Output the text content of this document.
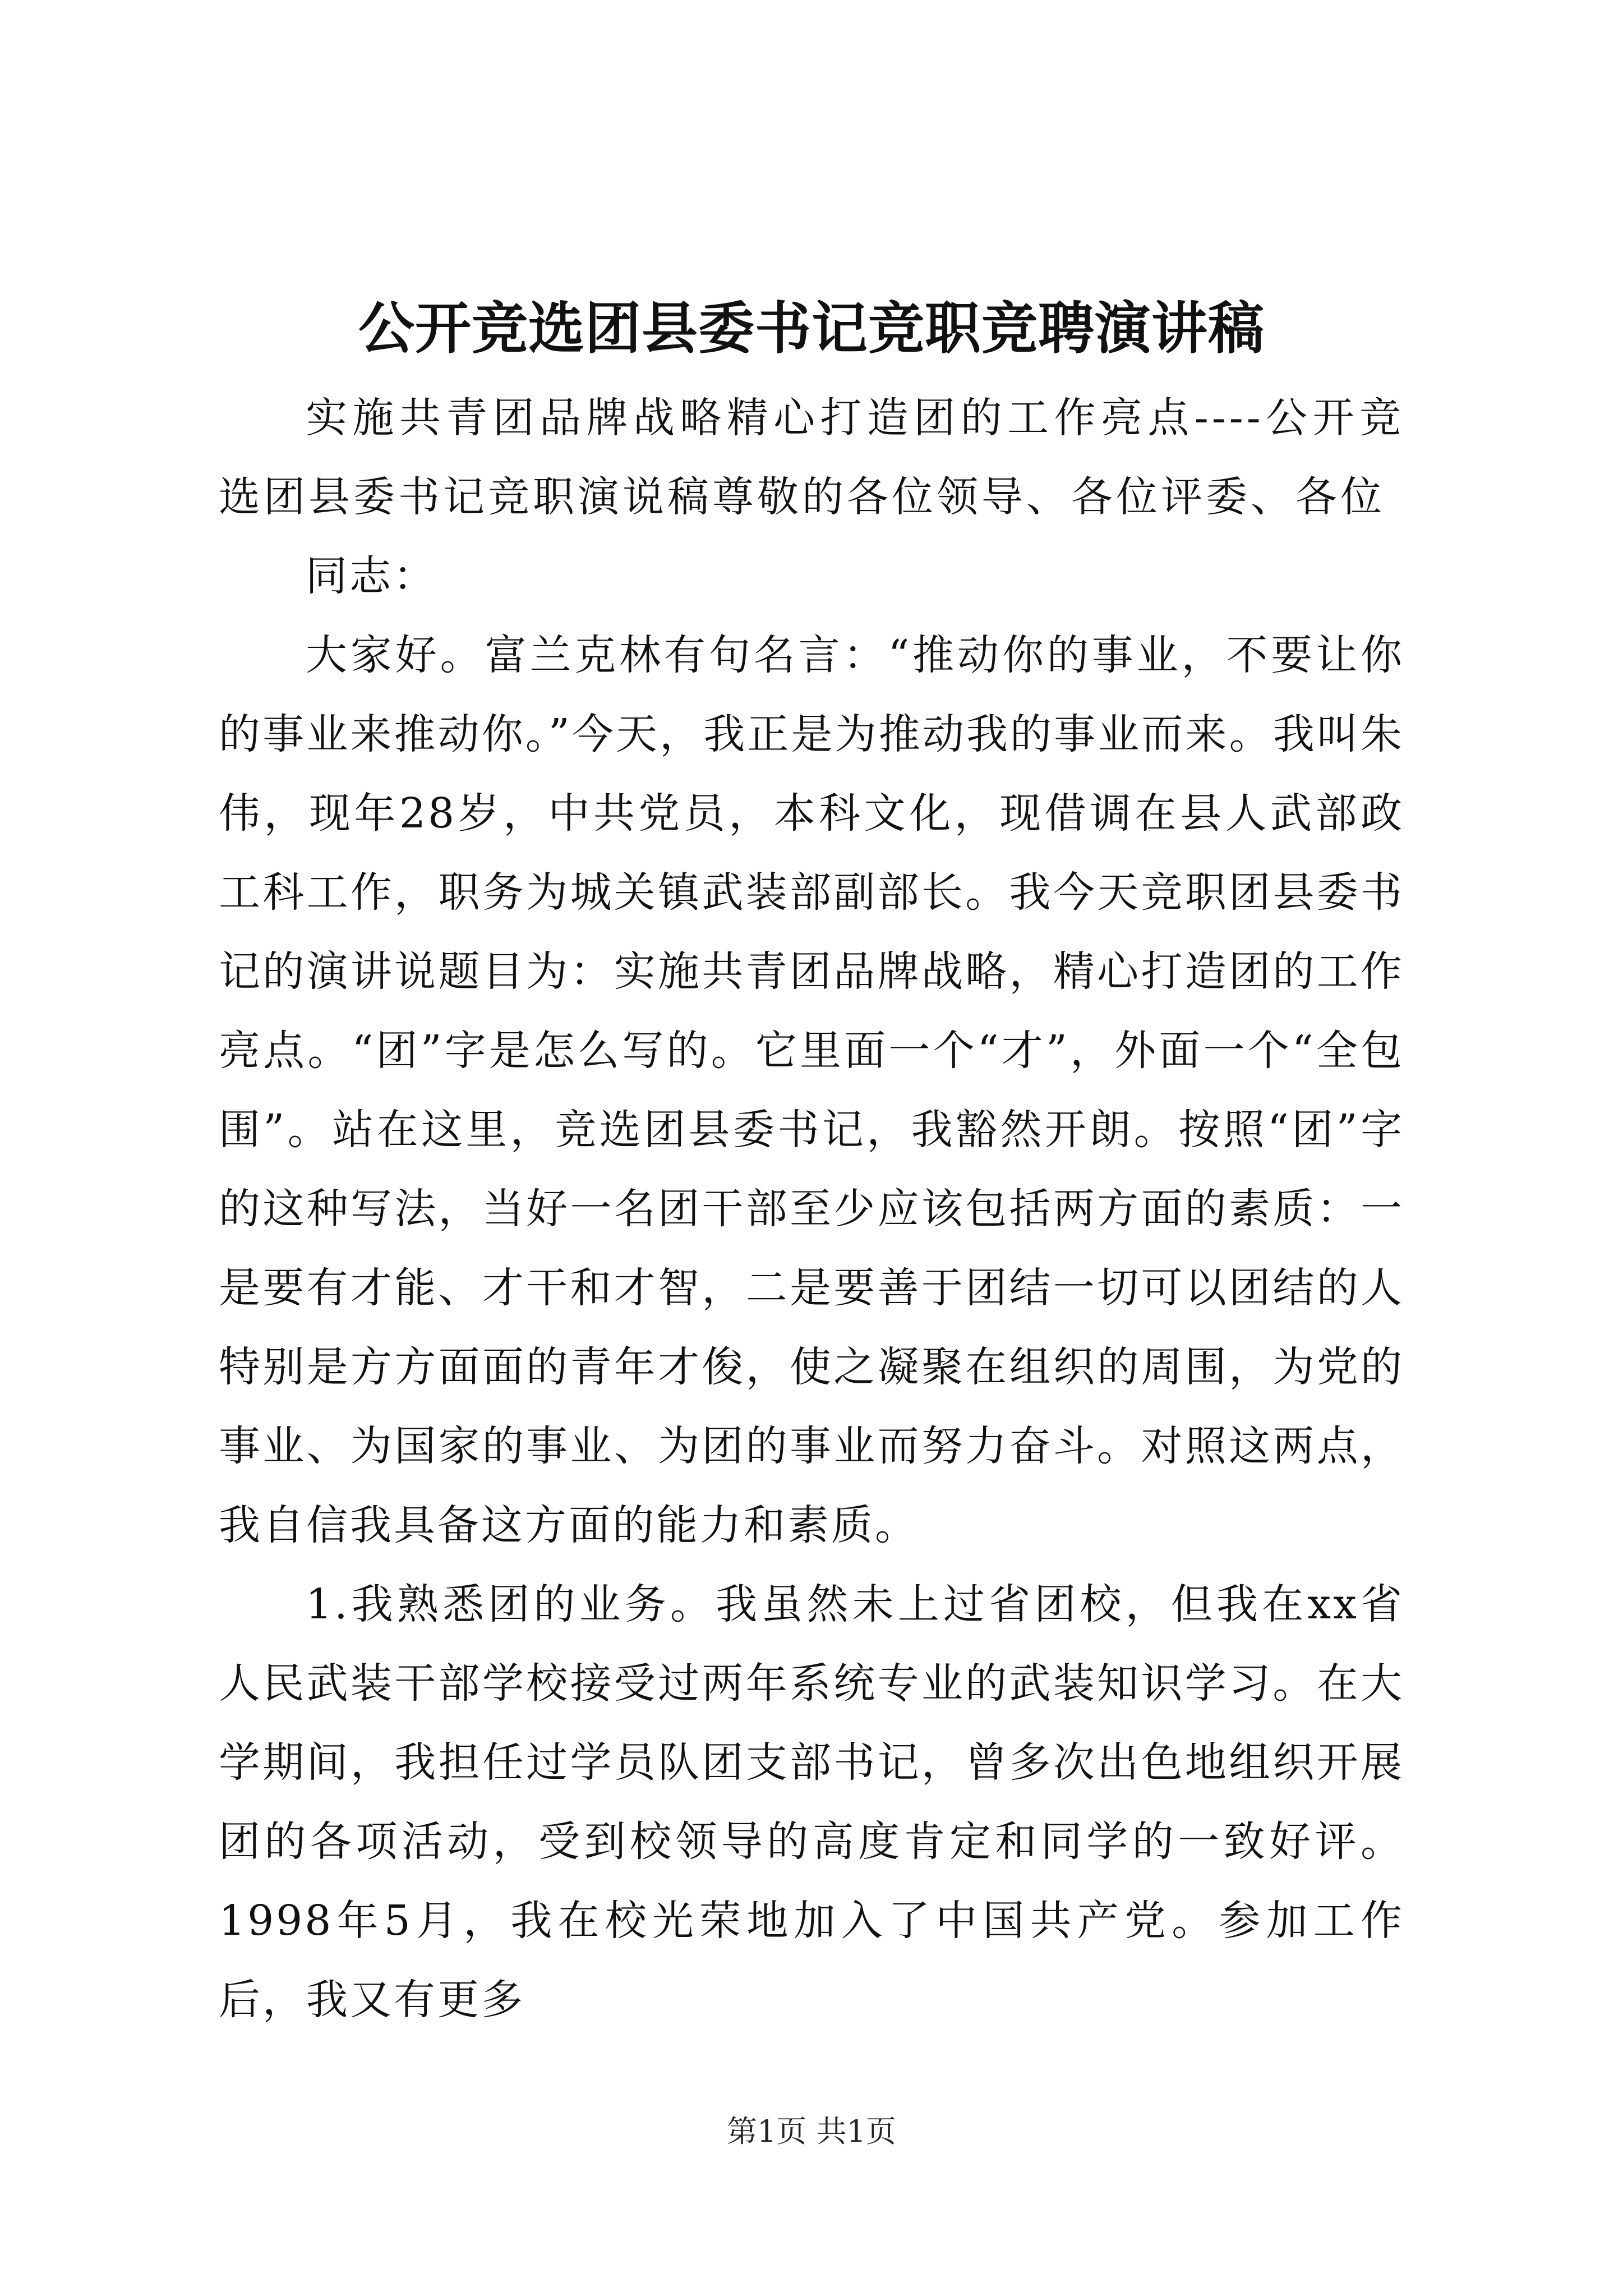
公开竞选团县委书记竞职竞聘演讲稿

实施共青团品牌战略精心打造团的工作亮点----公开竞选团县委书记竞职演说稿尊敬的各位领导、各位评委、各位

同志：

大家好。富兰克林有句名言：“推动你的事业，不要让你的事业来推动你。”今天，我正是为推动我的事业而来。我叫朱伟，现年28岁，中共党员，本科文化，现借调在县人武部政工科工作，职务为城关镇武装部副部长。我今天竞职团县委书记的演讲说题目为：实施共青团品牌战略，精心打造团的工作亮点。“团”字是怎么写的。它里面一个“才”，外面一个“全包围”。站在这里，竞选团县委书记，我豁然开朗。按照“团”字的这种写法，当好一名团干部至少应该包括两方面的素质：一是要有才能、才干和才智，二是要善于团结一切可以团结的人特别是方方面面的青年才俊，使之凝聚在组织的周围，为党的事业、为国家的事业、为团的事业而努力奋斗。对照这两点，我自信我具备这方面的能力和素质。

1.我熟悉团的业务。我虽然未上过省团校，但我在xx省人民武装干部学校接受过两年系统专业的武装知识学习。在大学期间，我担任过学员队团支部书记，曾多次出色地组织开展团的各项活动，受到校领导的高度肯定和同学的一致好评。1998年5月，我在校光荣地加入了中国共产党。参加工作后，我又有更多

第1页 共1页
